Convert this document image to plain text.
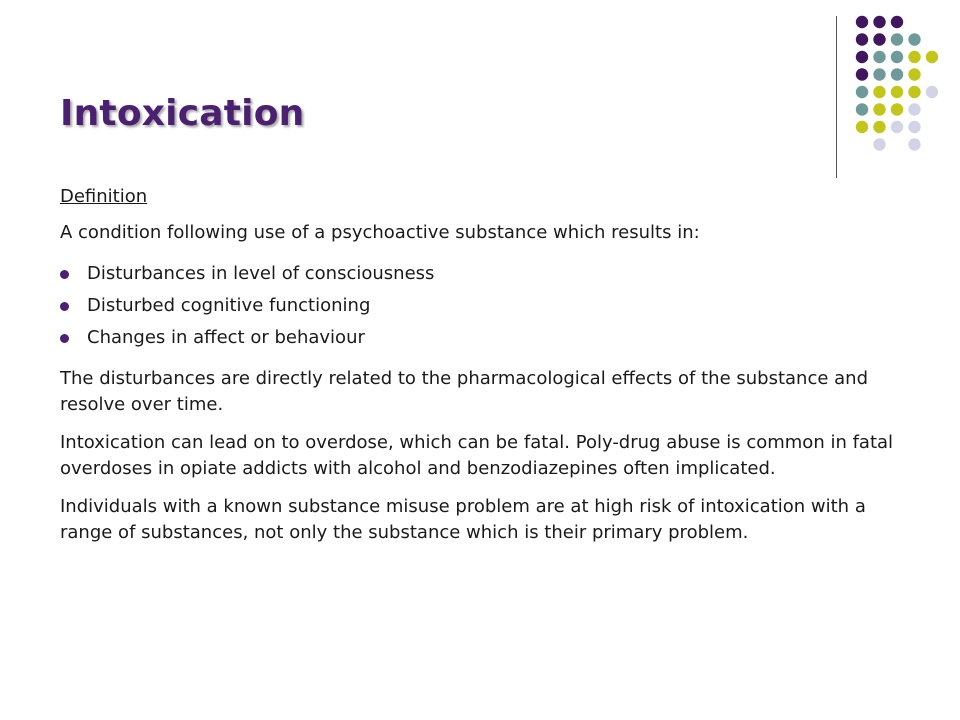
Intoxication
Definition

A condition following use of a psychoactive substance which results in:

Disturbances in level of consciousness
Disturbed cognitive functioning
Changes in affect or behaviour

The disturbances are directly related to the pharmacological effects of the substance and resolve over time.

Intoxication can lead on to overdose, which can be fatal. Poly-drug abuse is common in fatal overdoses in opiate addicts with alcohol and benzodiazepines often implicated.

Individuals with a known substance misuse problem are at high risk of intoxication with a range of substances, not only the substance which is their primary problem.
